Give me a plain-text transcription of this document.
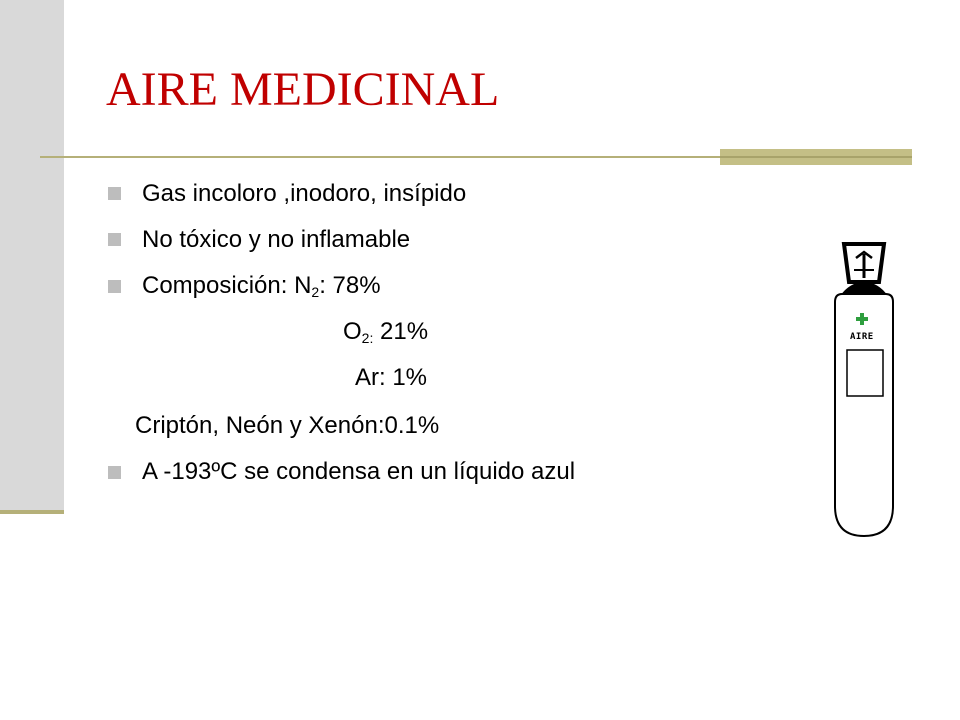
AIRE MEDICINAL
Gas incoloro ,inodoro, insípido
No tóxico y no inflamable
Composición: $N_2$: 78%
$O_{2:}$ 21%
Ar: 1%
Criptón, Neón y Xenón:0.1%
A -193ºC se condensa en un líquido azul
AIRE
